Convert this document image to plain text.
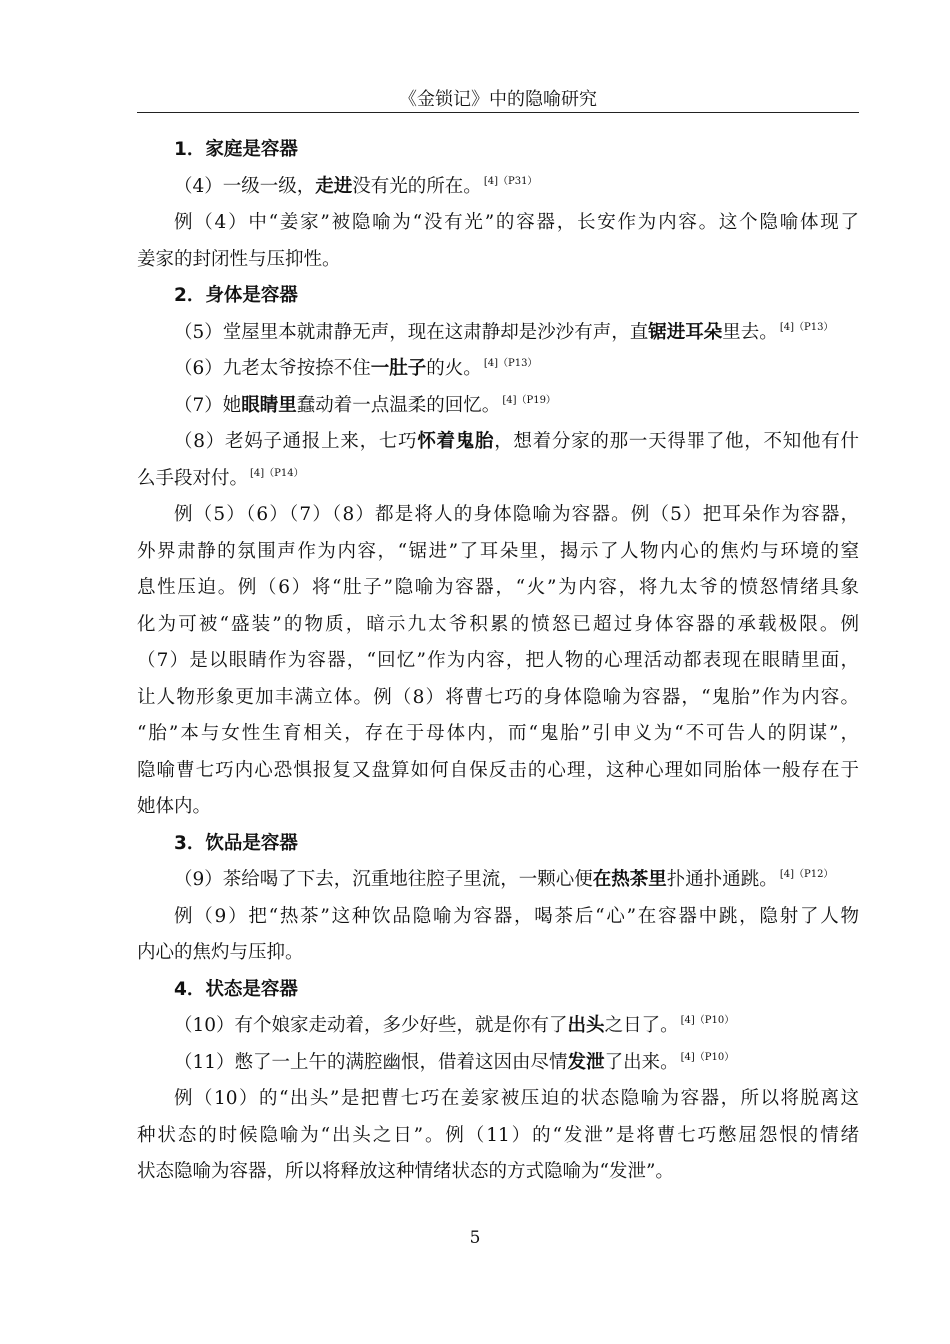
《金锁记》中的隐喻研究
1．家庭是容器
（4）一级一级，走进没有光的所在。 $^{[4](P31)}$
例（4）中“姜家”被隐喻为“没有光”的容器，长安作为内容。这个隐喻体现了
姜家的封闭性与压抑性。
2．身体是容器
（5）堂屋里本就肃静无声，现在这肃静却是沙沙有声，直锯进耳朵里去。 $^{[4](P13)}$
（6）九老太爷按捺不住一肚子的火。 $^{[4](P13)}$
（7）她眼睛里蠢动着一点温柔的回忆。 $^{[4](P19)}$
（8）老妈子通报上来，七巧怀着鬼胎，想着分家的那一天得罪了他，不知他有什
么手段对付。 $^{[4](P14)}$
例（5）（6）（7）（8）都是将人的身体隐喻为容器。例（5）把耳朵作为容器，
外界肃静的氛围声作为内容，“锯进”了耳朵里，揭示了人物内心的焦灼与环境的窒
息性压迫。例（6）将“肚子”隐喻为容器，“火”为内容，将九太爷的愤怒情绪具象
化为可被“盛装”的物质，暗示九太爷积累的愤怒已超过身体容器的承载极限。例
（7）是以眼睛作为容器，“回忆”作为内容，把人物的心理活动都表现在眼睛里面，
让人物形象更加丰满立体。例（8）将曹七巧的身体隐喻为容器，“鬼胎”作为内容。
“胎”本与女性生育相关，存在于母体内，而“鬼胎”引申义为“不可告人的阴谋”，
隐喻曹七巧内心恐惧报复又盘算如何自保反击的心理，这种心理如同胎体一般存在于
她体内。
3．饮品是容器
（9）茶给喝了下去，沉重地往腔子里流，一颗心便在热茶里扑通扑通跳。 $^{[4](P12)}$
例（9）把“热茶”这种饮品隐喻为容器，喝茶后“心”在容器中跳，隐射了人物
内心的焦灼与压抑。
4．状态是容器
（10）有个娘家走动着，多少好些，就是你有了出头之日了。 $^{[4](P10)}$
（11）憋了一上午的满腔幽恨，借着这因由尽情发泄了出来。 $^{[4](P10)}$
例（10）的“出头”是把曹七巧在姜家被压迫的状态隐喻为容器，所以将脱离这
种状态的时候隐喻为“出头之日”。例（11）的“发泄”是将曹七巧憋屈怨恨的情绪
状态隐喻为容器，所以将释放这种情绪状态的方式隐喻为“发泄”。
5
